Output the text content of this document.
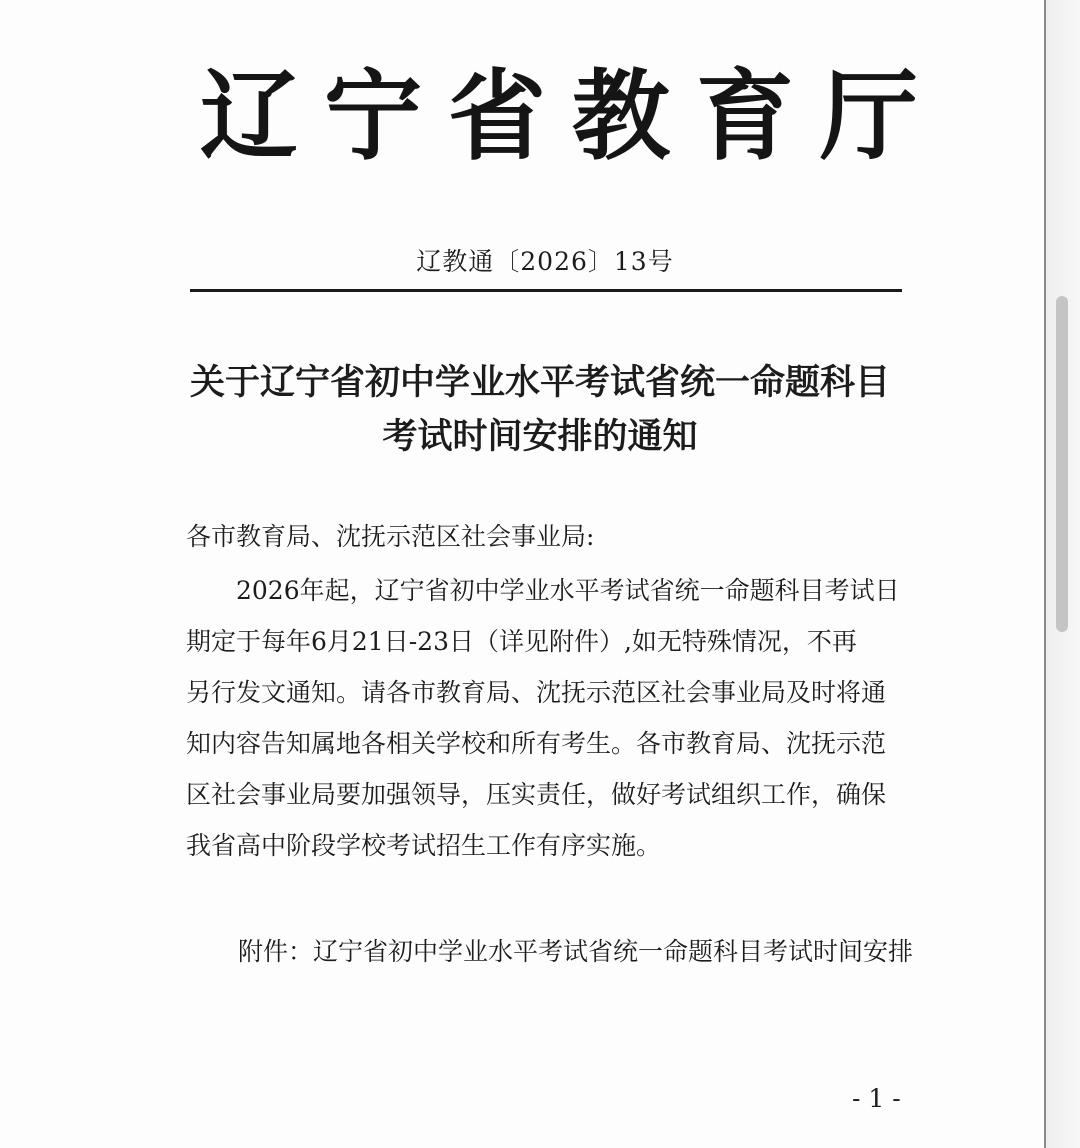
辽宁省教育厅
辽教通〔2026〕13号
关于辽宁省初中学业水平考试省统一命题科目
考试时间安排的通知
各市教育局、沈抚示范区社会事业局:
2026年起，辽宁省初中学业水平考试省统一命题科目考试日
期定于每年6月21日-23日（详见附件）,如无特殊情况，不再
另行发文通知。请各市教育局、沈抚示范区社会事业局及时将通
知内容告知属地各相关学校和所有考生。各市教育局、沈抚示范
区社会事业局要加强领导，压实责任，做好考试组织工作，确保
我省高中阶段学校考试招生工作有序实施。
附件：辽宁省初中学业水平考试省统一命题科目考试时间安排
- 1 -
